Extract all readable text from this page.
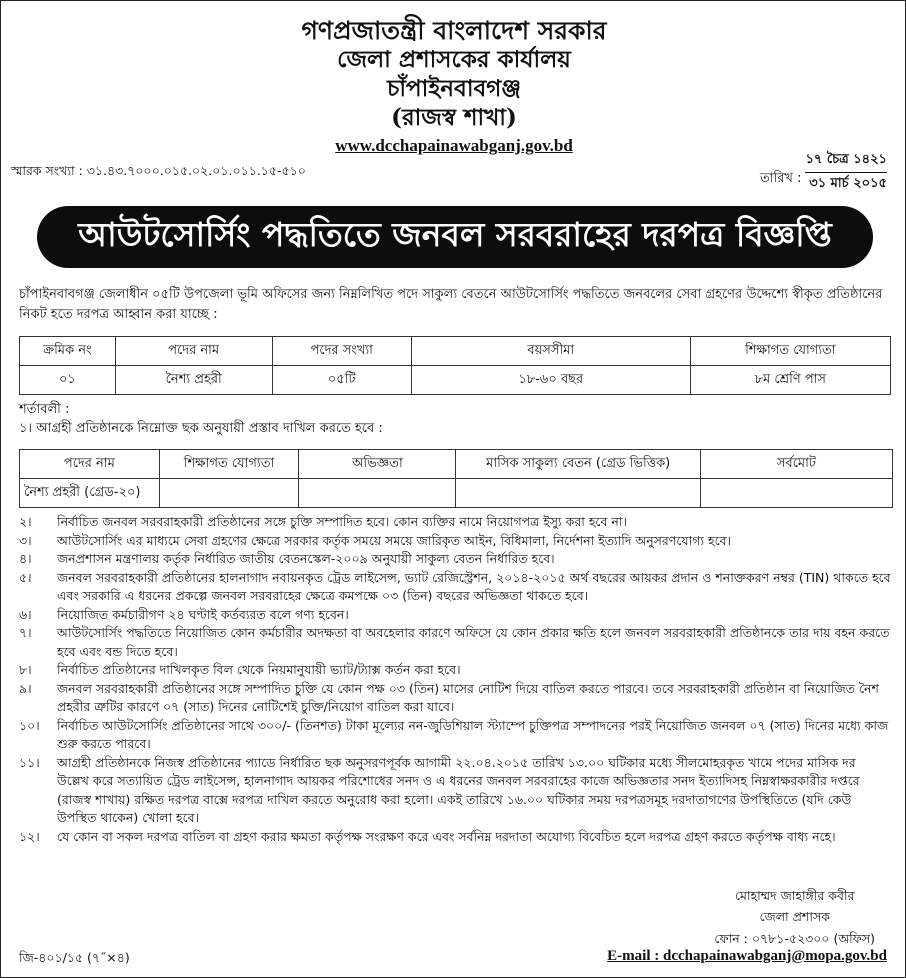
গণপ্রজাতন্ত্রী বাংলাদেশ সরকার
জেলা প্রশাসকের কার্যালয়
চাঁপাইনবাবগঞ্জ
(রাজস্ব শাখা)
www.dcchapainawabganj.gov.bd
স্মারক সংখ্যা : ৩১.৪৩.৭০০০.০১৫.০২.০১.০১১.১৫-৫১০
তারিখ :
১৭ চৈত্র ১৪২১
৩১ মার্চ ২০১৫
আউটসোর্সিং পদ্ধতিতে জনবল সরবরাহের দরপত্র বিজ্ঞপ্তি
চাঁপাইনবাবগঞ্জ জেলাধীন ০৫টি উপজেলা ভূমি অফিসের জন্য নিম্নলিখিত পদে সাকুল্য বেতনে আউটসোর্সিং পদ্ধতিতে জনবলের সেবা গ্রহণের উদ্দেশ্যে স্বীকৃত প্রতিষ্ঠানের নিকট হতে দরপত্র আহ্বান করা যাচ্ছে :
ক্রমিক নং	পদের নাম	পদের সংখ্যা	বয়সসীমা	শিক্ষাগত যোগ্যতা
০১	নৈশ্য প্রহরী	০৫টি	১৮-৬০ বছর	৮ম শ্রেণি পাস
শর্তাবলী :
১। আগ্রহী প্রতিষ্ঠানকে নিম্নোক্ত ছক অনুযায়ী প্রস্তাব দাখিল করতে হবে :
পদের নাম	শিক্ষাগত যোগ্যতা	অভিজ্ঞতা	মাসিক সাকুল্য বেতন (গ্রেড ভিত্তিক)	সর্বমোট
নৈশ্য প্রহরী (গ্রেড-২০)				
২।	নির্বাচিত জনবল সরবরাহকারী প্রতিষ্ঠানের সঙ্গে চুক্তি সম্পাদিত হবে। কোন ব্যক্তির নামে নিয়োগপত্র ইস্যু করা হবে না।
৩।	আউটসোর্সিং এর মাধ্যমে সেবা গ্রহণের ক্ষেত্রে সরকার কর্তৃক সময়ে সময়ে জারিকৃত আইন, বিধিমালা, নির্দেশনা ইত্যাদি অনুসরণযোগ্য হবে।
৪।	জনপ্রশাসন মন্ত্রণালয় কর্তৃক নির্ধারিত জাতীয় বেতনস্কেল-২০০৯ অনুযায়ী সাকুল্য বেতন নির্ধারিত হবে।
৫।	জনবল সরবরাহকারী প্রতিষ্ঠানের হালনাগাদ নবায়নকৃত ট্রেড লাইসেন্স, ভ্যাট রেজিস্ট্রেশন, ২০১৪-২০১৫ অর্থ বছরের আয়কর প্রদান ও শনাক্তকরণ নম্বর (TIN) থাকতে হবে এবং সরকারি এ ধরনের প্রকল্পে জনবল সরবরাহের ক্ষেত্রে কমপক্ষে ০৩ (তিন) বছরের অভিজ্ঞতা থাকতে হবে।
৬।	নিয়োজিত কর্মচারীগণ ২৪ ঘণ্টাই কর্তব্যরত বলে গণ্য হবেন।
৭।	আউটসোর্সিং পদ্ধতিতে নিয়োজিত কোন কর্মচারীর অদক্ষতা বা অবহেলার কারণে অফিসে যে কোন প্রকার ক্ষতি হলে জনবল সরবরাহকারী প্রতিষ্ঠানকে তার দায় বহন করতে হবে এবং বন্ড দিতে হবে।
৮।	নির্বাচিত প্রতিষ্ঠানের দাখিলকৃত বিল থেকে নিয়মানুযায়ী ভ্যাট/ট্যাক্স কর্তন করা হবে।
৯।	জনবল সরবরাহকারী প্রতিষ্ঠানের সঙ্গে সম্পাদিত চুক্তি যে কোন পক্ষ ০৩ (তিন) মাসের নোটিশ দিয়ে বাতিল করতে পারবে। তবে সরবরাহকারী প্রতিষ্ঠান বা নিয়োজিত নৈশ প্রহরীর ত্রুটির কারণে ০৭ (সাত) দিনের নোটিশেই চুক্তি/নিয়োগ বাতিল করা যাবে।
১০।	নির্বাচিত আউটসোর্সিং প্রতিষ্ঠানের সাথে ৩০০/- (তিনশত) টাকা মূল্যের নন-জুডিশিয়াল স্ট্যাম্পে চুক্তিপত্র সম্পাদনের পরই নিয়োজিত জনবল ০৭ (সাত) দিনের মধ্যে কাজ শুরু করতে পারবে।
১১।	আগ্রহী প্রতিষ্ঠানকে নিজস্ব প্রতিষ্ঠানের প্যাডে নির্ধারিত ছক অনুসরণপূর্বক আগামী ২২.০৪.২০১৫ তারিখ ১৩.০০ ঘটিকার মধ্যে সীলমোহরকৃত খামে পদের মাসিক দর উল্লেখ করে সত্যায়িত ট্রেড লাইসেন্স, হালনাগাদ আয়কর পরিশোধের সনদ ও এ ধরনের জনবল সরবরাহের কাজে অভিজ্ঞতার সনদ ইত্যাদিসহ নিম্নস্বাক্ষরকারীর দপ্তরে (রাজস্ব শাখায়) রক্ষিত দরপত্র বাক্সে দরপত্র দাখিল করতে অনুরোধ করা হলো। একই তারিখে ১৬.০০ ঘটিকার সময় দরপত্রসমূহ দরদাতাগণের উপস্থিতিতে (যদি কেউ উপস্থিত থাকেন) খোলা হবে।
১২।	যে কোন বা সকল দরপত্র বাতিল বা গ্রহণ করার ক্ষমতা কর্তৃপক্ষ সংরক্ষণ করে এবং সর্বনিম্ন দরদাতা অযোগ্য বিবেচিত হলে দরপত্র গ্রহণ করতে কর্তৃপক্ষ বাধ্য নহে।
মোহাম্মদ জাহাঙ্গীর কবীর
জেলা প্রশাসক
ফোন : ০৭৮১-৫২৩০০ (অফিস)
E-mail : dcchapainawabganj@mopa.gov.bd
জি-৪০১/১৫ (৭˝×৪)
